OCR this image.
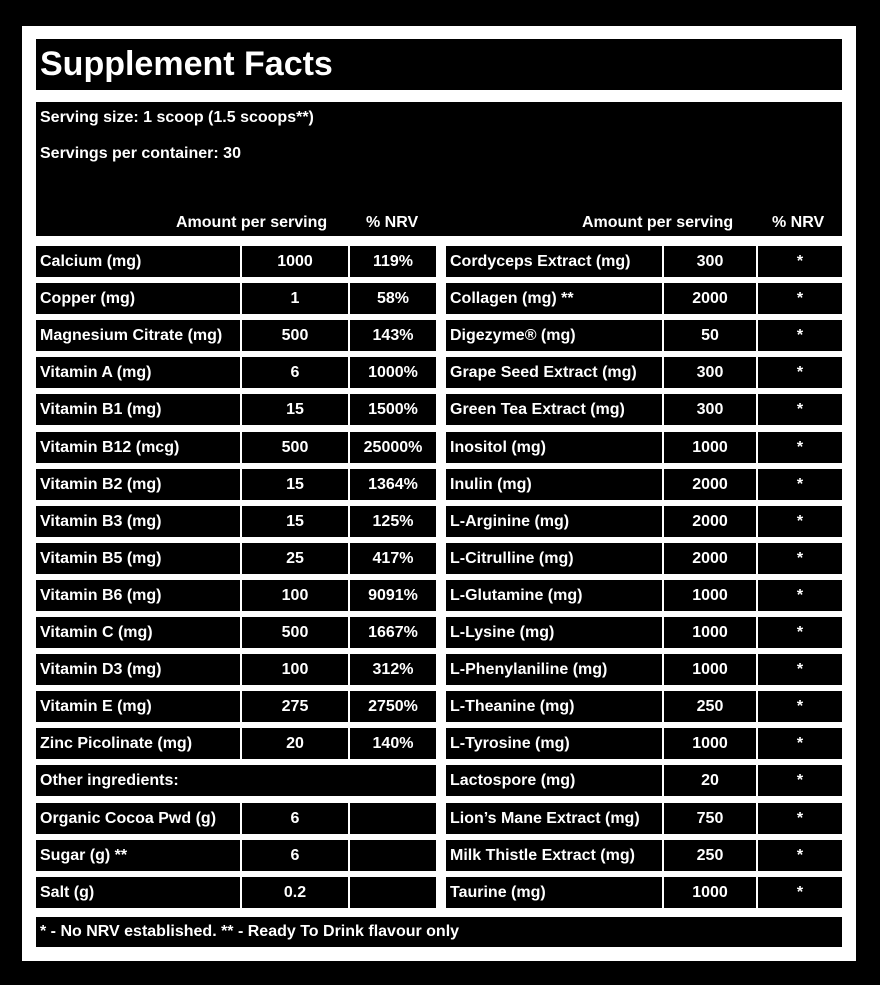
Supplement Facts
Serving size: 1 scoop (1.5 scoops**)
Servings per container: 30
Amount per serving % NRV	Amount per serving % NRV
* - No NRV established. ** - Ready To Drink flavour only
Calcium (mg)	1000	119%
Copper (mg)	1	58%
Magnesium Citrate (mg)	500	143%
Vitamin A (mg)	6	1000%
Vitamin B1 (mg)	15	1500%
Vitamin B12 (mcg)	500	25000%
Vitamin B2 (mg)	15	1364%
Vitamin B3 (mg)	15	125%
Vitamin B5 (mg)	25	417%
Vitamin B6 (mg)	100	9091%
Vitamin C (mg)	500	1667%
Vitamin D3 (mg)	100	312%
Vitamin E (mg)	275	2750%
Zinc Picolinate (mg)	20	140%
Other ingredients:
Organic Cocoa Pwd (g)	6
Sugar (g) **	6
Salt (g)	0.2
Cordyceps Extract (mg)	300	*
Collagen (mg) **	2000	*
Digezyme® (mg)	50	*
Grape Seed Extract (mg)	300	*
Green Tea Extract (mg)	300	*
Inositol (mg)	1000	*
Inulin (mg)	2000	*
L-Arginine (mg)	2000	*
L-Citrulline (mg)	2000	*
L-Glutamine (mg)	1000	*
L-Lysine (mg)	1000	*
L-Phenylaniline (mg)	1000	*
L-Theanine (mg)	250	*
L-Tyrosine (mg)	1000	*
Lactospore (mg)	20	*
Lion’s Mane Extract (mg)	750	*
Milk Thistle Extract (mg)	250	*
Taurine (mg)	1000	*
